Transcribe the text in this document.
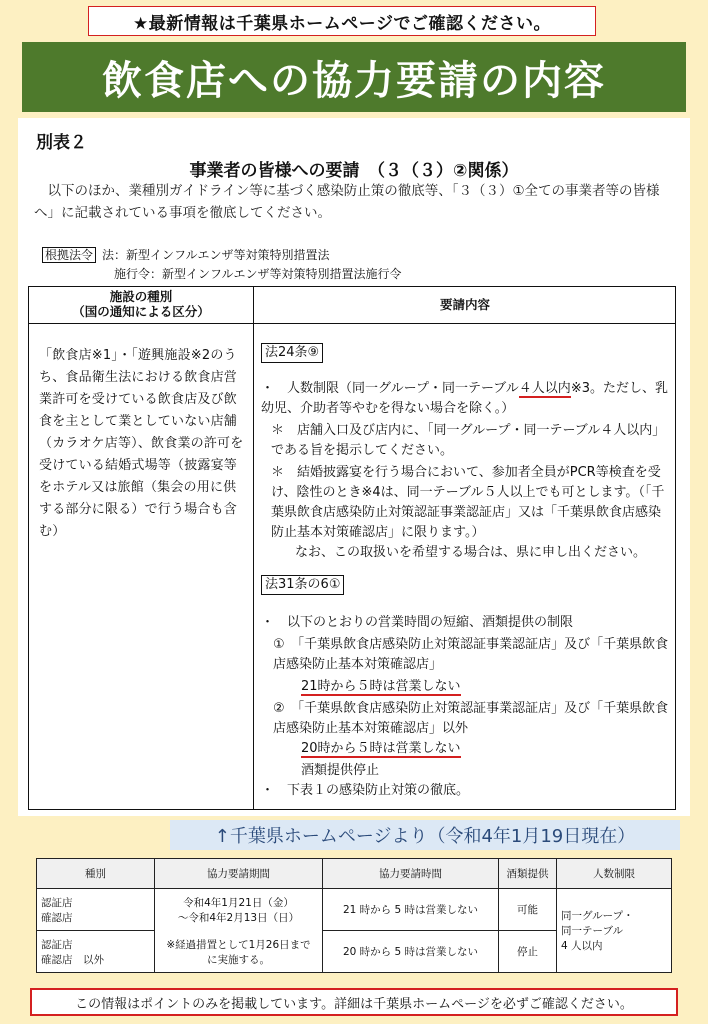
★最新情報は千葉県ホームページでご確認ください。
飲食店への協力要請の内容
別表２
事業者の皆様への要請　（３（３）②関係）
以下のほか、業種別ガイドライン等に基づく感染防止策の徹底等、「３（３）①全ての事業者等の皆様へ」に記載されている事項を徹底してください。
根拠法令 法：新型インフルエンザ等対策特別措置法
施行令：新型インフルエンザ等対策特別措置法施行令
施設の種別
（国の通知による区分）	要請内容
「飲食店※1」・「遊興施設※2のうち、食品衛生法における飲食店営業許可を受けている飲食店及び飲食を主として業としていない店舗（カラオケ店等）、飲食業の許可を受けている結婚式場等（披露宴等をホテル又は旅館（集会の用に供する部分に限る）で行う場合も含む）
法24条⑨
・　人数制限（同一グループ・同一テーブル４人以内※3。ただし、乳幼児、介助者等やむを得ない場合を除く。）
＊　店舗入口及び店内に、「同一グループ・同一テーブル４人以内」である旨を掲示してください。
＊　結婚披露宴を行う場合において、参加者全員がPCR等検査を受け、陰性のとき※4は、同一テーブル５人以上でも可とします。（「千葉県飲食店感染防止対策認証事業認証店」又は「千葉県飲食店感染防止基本対策確認店」に限ります。）
なお、この取扱いを希望する場合は、県に申し出ください。
法31条の6①
・　以下のとおりの営業時間の短縮、酒類提供の制限
①　「千葉県飲食店感染防止対策認証事業認証店」及び「千葉県飲食店感染防止基本対策確認店」
21時から５時は営業しない
②　「千葉県飲食店感染防止対策認証事業認証店」及び「千葉県飲食店感染防止基本対策確認店」以外
20時から５時は営業しない
酒類提供停止
・　下表１の感染防止対策の徹底。
↑千葉県ホームページより（令和4年1月19日現在）
種別	協力要請期間	協力要請時間	酒類提供	人数制限
認証店
確認店	令和4年1月21日（金）
～令和4年2月13日（日）

※経過措置として1月26日まで
に実施する。	21 時から 5 時は営業しない	可能	同一グループ・
同一テーブル
4 人以内
認証店
確認店　以外		20 時から 5 時は営業しない	停止	
この情報はポイントのみを掲載しています。詳細は千葉県ホームページを必ずご確認ください。
